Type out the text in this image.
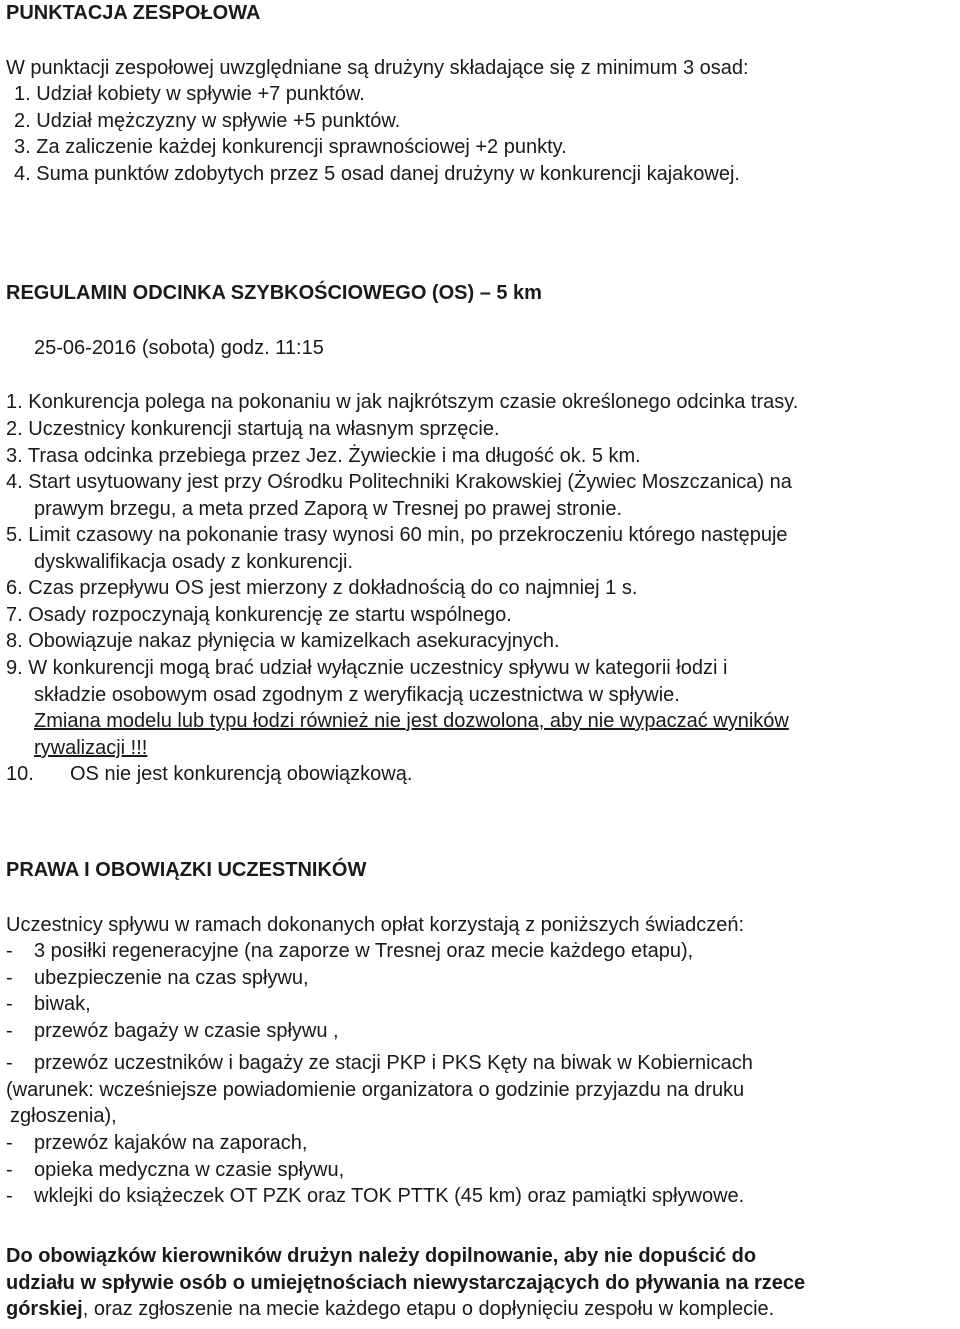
PUNKTACJA ZESPOŁOWA
W punktacji zespołowej uwzględniane są drużyny składające się z minimum 3 osad:
1. Udział kobiety w spływie +7 punktów.
2. Udział mężczyzny w spływie +5 punktów.
3. Za zaliczenie każdej konkurencji sprawnościowej +2 punkty.
4. Suma punktów zdobytych przez 5 osad danej drużyny w konkurencji kajakowej.
REGULAMIN ODCINKA SZYBKOŚCIOWEGO (OS) – 5 km
25-06-2016 (sobota) godz. 11:15
1. Konkurencja polega na pokonaniu w jak najkrótszym czasie określonego odcinka trasy.
2. Uczestnicy konkurencji startują na własnym sprzęcie.
3. Trasa odcinka przebiega przez Jez. Żywieckie i ma długość ok. 5 km.
4. Start usytuowany jest przy Ośrodku Politechniki Krakowskiej (Żywiec Moszczanica) na
prawym brzegu, a meta przed Zaporą w Tresnej po prawej stronie.
5. Limit czasowy na pokonanie trasy wynosi 60 min, po przekroczeniu którego następuje
dyskwalifikacja osady z konkurencji.
6. Czas przepływu OS jest mierzony z dokładnością do co najmniej 1 s.
7. Osady rozpoczynają konkurencję ze startu wspólnego.
8. Obowiązuje nakaz płynięcia w kamizelkach asekuracyjnych.
9. W konkurencji mogą brać udział wyłącznie uczestnicy spływu w kategorii łodzi i
składzie osobowym osad zgodnym z weryfikacją uczestnictwa w spływie.
Zmiana modelu lub typu łodzi również nie jest dozwolona, aby nie wypaczać wyników
rywalizacji !!!
10. OS nie jest konkurencją obowiązkową.
PRAWA I OBOWIĄZKI UCZESTNIKÓW
Uczestnicy spływu w ramach dokonanych opłat korzystają z poniższych świadczeń:
- 3 posiłki regeneracyjne (na zaporze w Tresnej oraz mecie każdego etapu),
- ubezpieczenie na czas spływu,
- biwak,
- przewóz bagaży w czasie spływu ,
- przewóz uczestników i bagaży ze stacji PKP i PKS Kęty na biwak w Kobiernicach
(warunek: wcześniejsze powiadomienie organizatora o godzinie przyjazdu na druku
zgłoszenia),
- przewóz kajaków na zaporach,
- opieka medyczna w czasie spływu,
- wklejki do książeczek OT PZK oraz TOK PTTK (45 km) oraz pamiątki spływowe.
Do obowiązków kierowników drużyn należy dopilnowanie, aby nie dopuścić do
udziału w spływie osób o umiejętnościach niewystarczających do pływania na rzece
górskiej, oraz zgłoszenie na mecie każdego etapu o dopłynięciu zespołu w komplecie.
